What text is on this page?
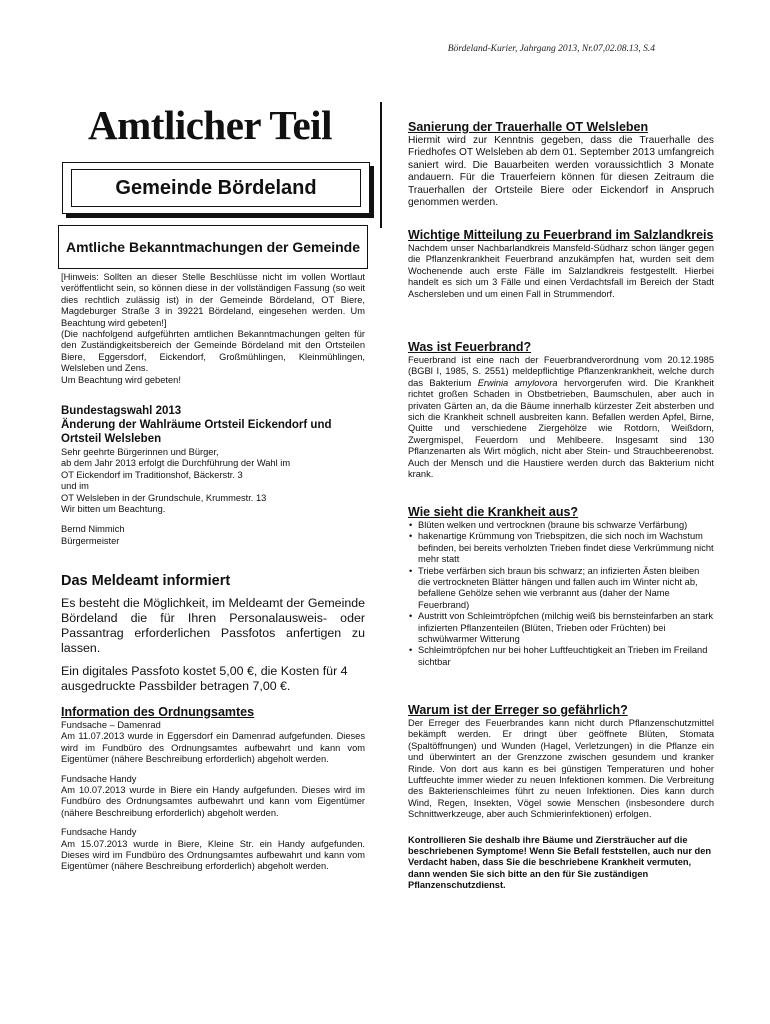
Bördeland-Kurier, Jahrgang 2013, Nr.07,02.08.13, S.4
Amtlicher Teil
Gemeinde Bördeland
Amtliche Bekanntmachungen der Gemeinde

[Hinweis: Sollten an dieser Stelle Beschlüsse nicht im vollen Wortlaut veröffentlicht sein, so können diese in der vollständigen Fassung (so weit dies rechtlich zulässig ist) in der Gemeinde Bördeland, OT Biere, Magdeburger Straße 3 in 39221 Bördeland, eingesehen werden. Um Beachtung wird gebeten!]

(Die nachfolgend aufgeführten amtlichen Bekanntmachungen gelten für den Zuständigkeitsbereich der Gemeinde Bördeland mit den Ortsteilen Biere, Eggersdorf, Eickendorf, Großmühlingen, Kleinmühlingen, Welsleben und Zens.

Um Beachtung wird gebeten!

Bundestagswahl 2013
Änderung der Wahlräume Ortsteil Eickendorf und
Ortsteil Welsleben
Sehr geehrte Bürgerinnen und Bürger,
ab dem Jahr 2013 erfolgt die Durchführung der Wahl im
OT Eickendorf im Traditionshof, Bäckerstr. 3
und im
OT Welsleben in der Grundschule, Krummestr. 13
Wir bitten um Beachtung.
Bernd Nimmich
Bürgermeister
Das Meldeamt informiert

Es besteht die Möglichkeit, im Meldeamt der Gemeinde Bördeland die für Ihren Personalausweis- oder Passantrag erforderlichen Passfotos anfertigen zu lassen.

Ein digitales Passfoto kostet 5,00 €, die Kosten für 4 ausgedruckte Passbilder betragen 7,00 €.

Information des Ordnungsamtes
Fundsache – Damenrad
Am 11.07.2013 wurde in Eggersdorf ein Damenrad aufgefunden. Dieses wird im Fundbüro des Ordnungsamtes aufbewahrt und kann vom Eigentümer (nähere Beschreibung erforderlich) abgeholt werden.
Fundsache Handy
Am 10.07.2013 wurde in Biere ein Handy aufgefunden. Dieses wird im Fundbüro des Ordnungsamtes aufbewahrt und kann vom Eigentümer (nähere Beschreibung erforderlich) abgeholt werden.
Fundsache Handy
Am 15.07.2013 wurde in Biere, Kleine Str. ein Handy aufgefunden. Dieses wird im Fundbüro des Ordnungsamtes aufbewahrt und kann vom Eigentümer (nähere Beschreibung erforderlich) abgeholt werden.
Sanierung der Trauerhalle OT Welsleben

Hiermit wird zur Kenntnis gegeben, dass die Trauerhalle des Friedhofes OT Welsleben ab dem 01. September 2013 umfangreich saniert wird. Die Bauarbeiten werden voraussichtlich 3 Monate andauern. Für die Trauerfeiern können für diesen Zeitraum die Trauerhallen der Ortsteile Biere oder Eickendorf in Anspruch genommen werden.

Wichtige Mitteilung zu Feuerbrand im Salzlandkreis

Nachdem unser Nachbarlandkreis Mansfeld-Südharz schon länger gegen die Pflanzenkrankheit Feuerbrand anzukämpfen hat, wurden seit dem Wochenende auch erste Fälle im Salzlandkreis festgestellt. Hierbei handelt es sich um 3 Fälle und einen Verdachtsfall im Bereich der Stadt Aschersleben und um einen Fall in Strummendorf.

Was ist Feuerbrand?

Feuerbrand ist eine nach der Feuerbrandverordnung vom 20.12.1985 (BGBl I, 1985, S. 2551) meldepflichtige Pflanzenkrankheit, welche durch das Bakterium Erwinia amylovora hervorgerufen wird. Die Krankheit richtet großen Schaden in Obstbetrieben, Baumschulen, aber auch in privaten Gärten an, da die Bäume innerhalb kürzester Zeit absterben und sich die Krankheit schnell ausbreiten kann. Befallen werden Apfel, Birne, Quitte und verschiedene Ziergehölze wie Rotdorn, Weißdorn, Zwergmispel, Feuerdorn und Mehlbeere. Insgesamt sind 130 Pflanzenarten als Wirt möglich, nicht aber Stein- und Strauchbeerenobst. Auch der Mensch und die Haustiere werden durch das Bakterium nicht krank.

Wie sieht die Krankheit aus?
• Blüten welken und vertrocknen (braune bis schwarze Verfärbung)
• hakenartige Krümmung von Triebspitzen, die sich noch im Wachstum befinden, bei bereits verholzten Trieben findet diese Verkrümmung nicht mehr statt
• Triebe verfärben sich braun bis schwarz; an infizierten Ästen bleiben die vertrockneten Blätter hängen und fallen auch im Winter nicht ab, befallene Gehölze sehen wie verbrannt aus (daher der Name Feuerbrand)
• Austritt von Schleimtröpfchen (milchig weiß bis bernsteinfarben an stark infizierten Pflanzenteilen (Blüten, Trieben oder Früchten) bei schwülwarmer Witterung
• Schleimtröpfchen nur bei hoher Luftfeuchtigkeit an Trieben im Freiland sichtbar
Warum ist der Erreger so gefährlich?

Der Erreger des Feuerbrandes kann nicht durch Pflanzenschutzmittel bekämpft werden. Er dringt über geöffnete Blüten, Stomata (Spaltöffnungen) und Wunden (Hagel, Verletzungen) in die Pflanze ein und überwintert an der Grenzzone zwischen gesundem und kranker Rinde. Von dort aus kann es bei günstigen Temperaturen und hoher Luftfeuchte immer wieder zu neuen Infektionen kommen. Die Verbreitung des Bakterienschleimes führt zu neuen Infektionen. Dies kann durch Wind, Regen, Insekten, Vögel sowie Menschen (insbesondere durch Schnittwerkzeuge, aber auch Schmierinfektionen) erfolgen.

Kontrollieren Sie deshalb ihre Bäume und Ziersträucher auf die beschriebenen Symptome! Wenn Sie Befall feststellen, auch nur den Verdacht haben, dass Sie die beschriebene Krankheit vermuten, dann wenden Sie sich bitte an den für Sie zuständigen Pflanzenschutzdienst.
